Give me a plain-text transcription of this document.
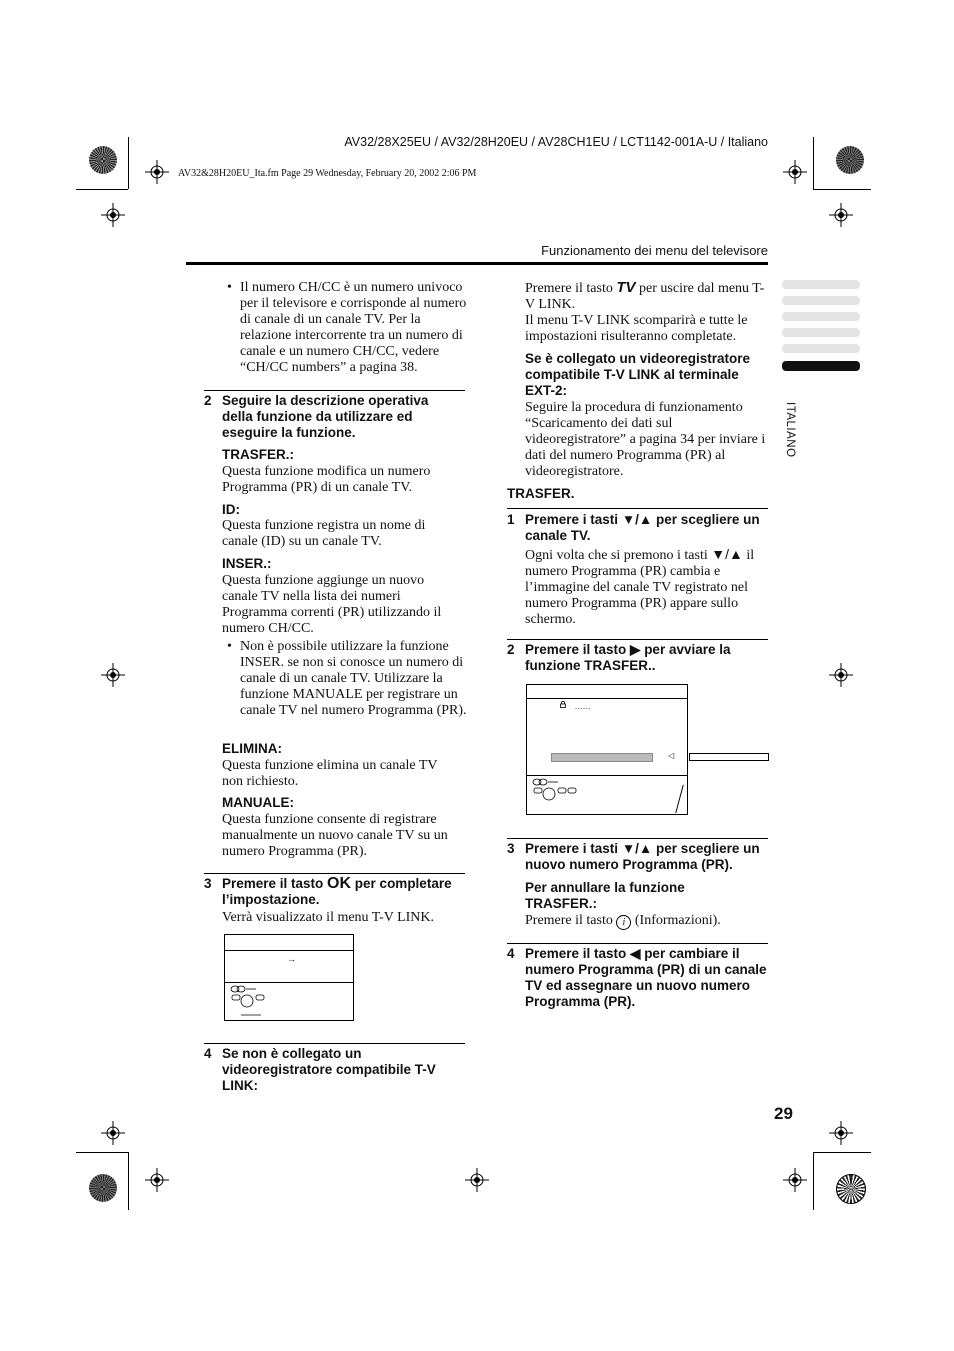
AV32/28X25EU / AV32/28H20EU / AV28CH1EU / LCT1142-001A-U / Italiano
AV32&28H20EU_Ita.fm Page 29 Wednesday, February 20, 2002 2:06 PM
Funzionamento dei menu del televisore
ITALIANO
• Il numero CH/CC è un numero univoco per il televisore e corrisponde al numero di canale di un canale TV. Per la relazione intercorrente tra un numero di canale e un numero CH/CC, vedere “CH/CC numbers” a pagina 38.
2 Seguire la descrizione operativa della funzione da utilizzare ed eseguire la funzione.
TRASFER.:
Questa funzione modifica un numero Programma (PR) di un canale TV.
ID:
Questa funzione registra un nome di canale (ID) su un canale TV.
INSER.:
Questa funzione aggiunge un nuovo canale TV nella lista dei numeri Programma correnti (PR) utilizzando il numero CH/CC.
• Non è possibile utilizzare la funzione INSER. se non si conosce un numero di canale di un canale TV. Utilizzare la funzione MANUALE per registrare un canale TV nel numero Programma (PR).
ELIMINA:
Questa funzione elimina un canale TV non richiesto.
MANUALE:
Questa funzione consente di registrare manualmente un nuovo canale TV su un numero Programma (PR).
3 Premere il tasto OK per completare l’impostazione.
Verrà visualizzato il menu T-V LINK.
→
4 Se non è collegato un videoregistratore compatibile T-V LINK:
Premere il tasto TV per uscire dal menu T-V LINK.
Il menu T-V LINK scomparirà e tutte le impostazioni risulteranno completate.
Se è collegato un videoregistratore compatibile T-V LINK al terminale EXT-2:
Seguire la procedura di funzionamento “Scaricamento dei dati sul videoregistratore” a pagina 34 per inviare i dati del numero Programma (PR) al videoregistratore.
TRASFER.
1 Premere i tasti ▼/▲ per scegliere un canale TV.
Ogni volta che si premono i tasti ▼/▲ il numero Programma (PR) cambia e l’immagine del canale TV registrato nel numero Programma (PR) appare sullo schermo.
2 Premere il tasto ▶ per avviare la funzione TRASFER..
- - - - - -
◁
3 Premere i tasti ▼/▲ per scegliere un nuovo numero Programma (PR).
Per annullare la funzione TRASFER.:
Premere il tasto i (Informazioni).
4 Premere il tasto ◀ per cambiare il numero Programma (PR) di un canale TV ed assegnare un nuovo numero Programma (PR).
29
